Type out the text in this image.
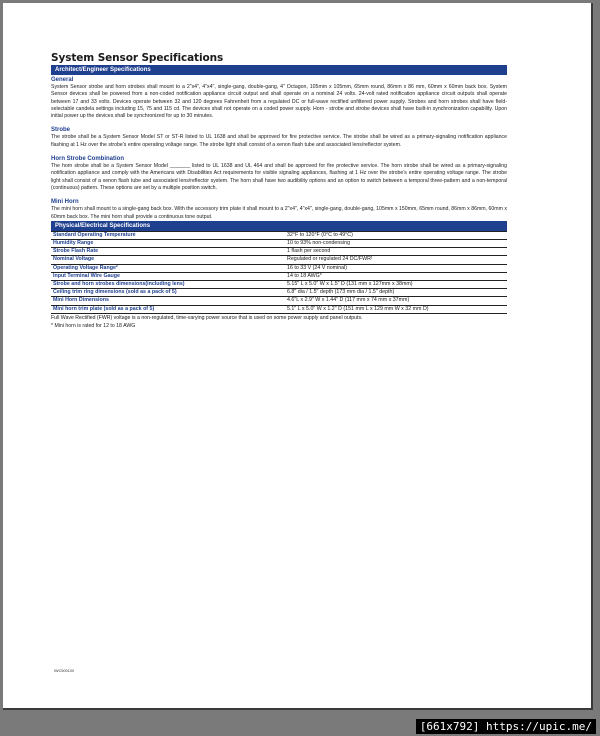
System Sensor Specifications
Architect/Engineer Specifications
General

System Sensor strobe and horn strobes shall mount to a 2"x4", 4"x4", single-gang, double-gang, 4" Octagon, 105mm x 105mm, 65mm round, 86mm x 86 mm, 60mm x 60mm back box. System Sensor devices shall be powered from a non-coded notification appliance circuit output and shall operate on a nominal 24 volts. 24-volt rated notification appliance circuit outputs shall operate between 17 and 33 volts. Devices operate between 32 and 120 degrees Fahrenheit from a regulated DC or full-wave rectified unfiltered power supply. Strobes and horn strobes shall have field-selectable candela settings including 15, 75 and 115 cd. The devices shall not operate on a coded power supply. Horn - strobe and strobe devices shall have built-in synchronization capability. Upon initial power up the devices shall be synchronized for up to 30 minutes.

Strobe

The strobe shall be a System Sensor Model ST or ST-R listed to UL 1638 and shall be approved for fire protective service. The strobe shall be wired as a primary-signaling notification appliance flashing at 1 Hz over the strobe's entire operating voltage range. The strobe light shall consist of a xenon flash tube and associated lens/reflector system.

Horn Strobe Combination

The horn strobe shall be a System Sensor Model _______ listed to UL 1638 and UL 464 and shall be approved for fire protective service. The horn strobe shall be wired as a primary-signaling notification appliance and comply with the Americans with Disabilities Act requirements for visible signaling appliances, flashing at 1 Hz over the strobe's entire operating voltage range. The strobe light shall consist of a xenon flash tube and associated lens/reflector system. The horn shall have two audibility options and an option to switch between a temporal three-pattern and a non-temporal (continuous) pattern. These options are set by a multiple position switch.

Mini Horn

The mini horn shall mount to a single-gang back box. With the accessory trim plate it shall mount to a 2"x4", 4"x4", single-gang, double-gang, 105mm x 150mm, 65mm round, 86mm x 86mm, 60mm x 60mm back box. The mini horn shall provide a continuous tone output.

Physical/Electrical Specifications
Standard Operating Temperature	32°F to 120°F (0°C to 49°C)
Humidity Range	10 to 93% non-condensing
Strobe Flash Rate	1 flash per second
Nominal Voltage	Regulated or regulated 24 DC/FWR¹
Operating Voltage Range²	16 to 33 V (24 V nominal)
Input Terminal Wire Gauge	14 to 18 AWG*
Strobe and horn strobes dimensions(including lens)	5.15" L x 5.0" W x 1.5" D (131 mm x 127mm x 38mm)
Ceiling trim ring dimensions (sold as a pack of 5)	6.8" dia / 1.5" depth (173 mm dia / 1.5" depth)
Mini Horn Dimensions	4.6"L x 2.9" W x 1.44" D (117 mm x 74 mm x 37mm)
Mini horn trim plate (sold as a pack of 5)	5.1" L x 5.0" W x 1.2" D (151 mm L x 129 mm W x 32 mm D)

Full Wave Rectified (FWR) voltage is a non-regulated, time-varying power source that is used on some power supply and panel outputs.

* Mini horn is rated for 12 to 18 AWG

IWC500100
[661x792] https://upic.me/
